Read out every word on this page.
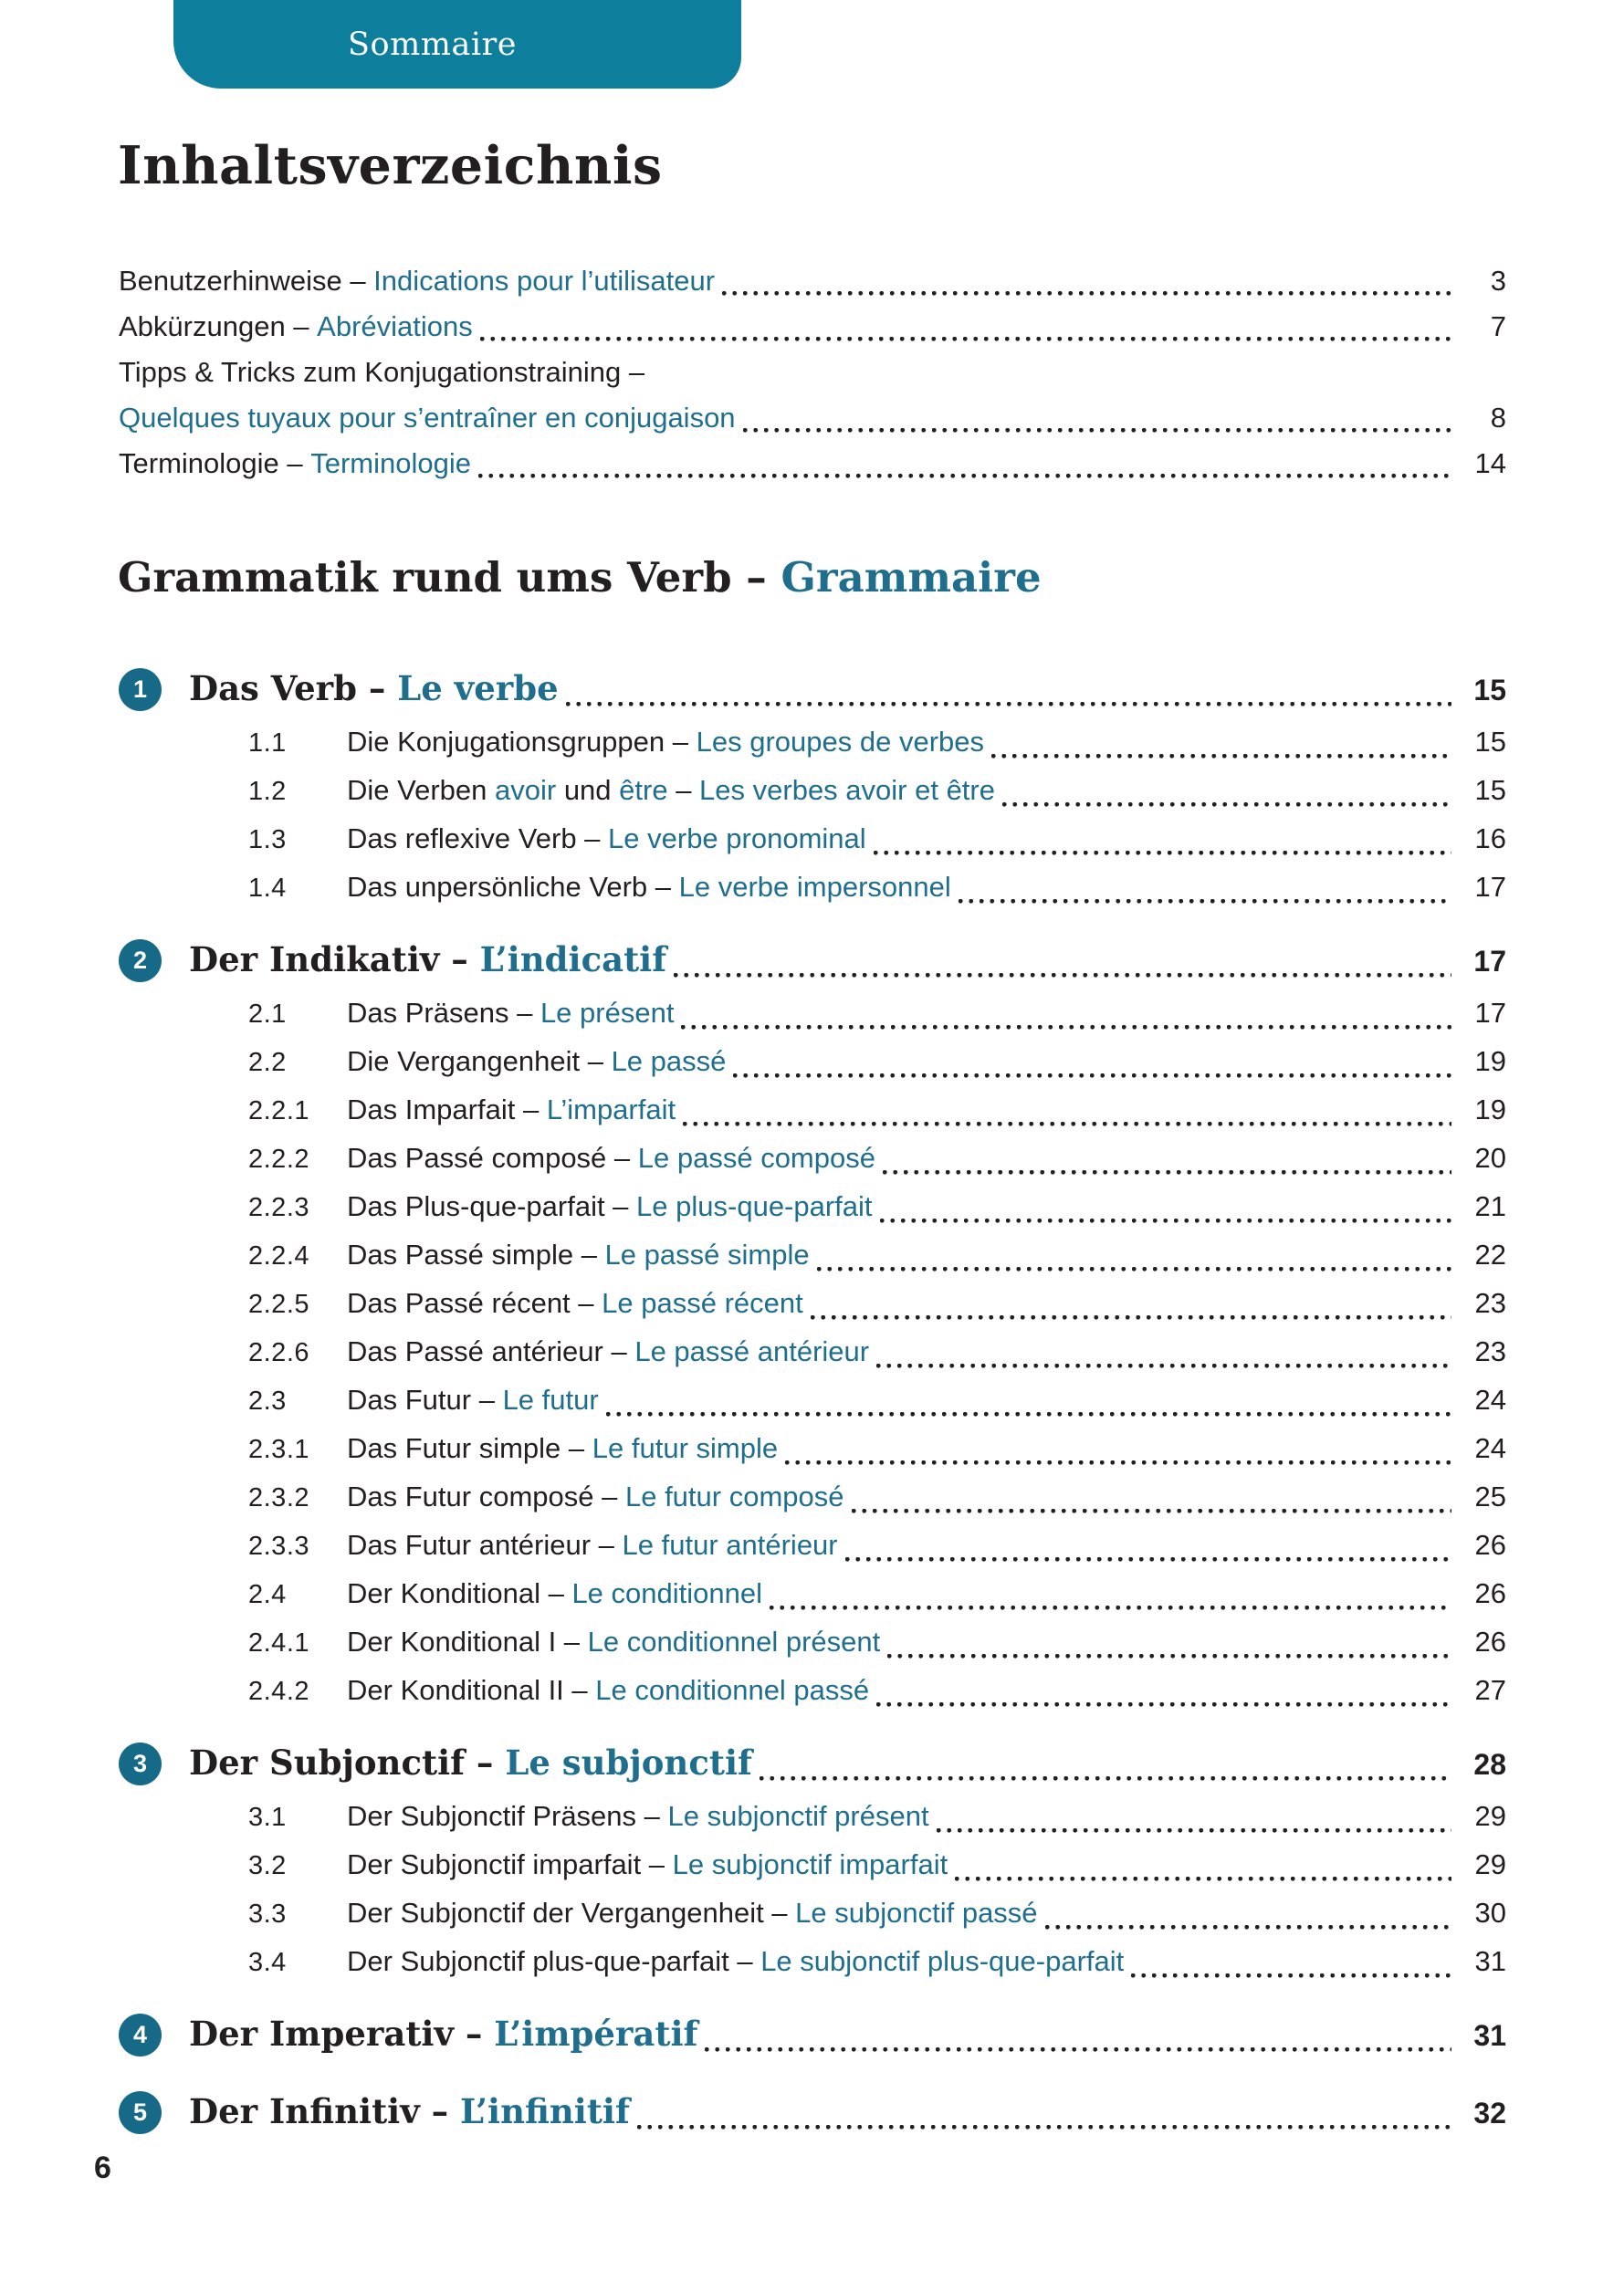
Sommaire
Inhaltsverzeichnis
Benutzerhinweise – Indications pour l’utilisateur	3
Abkürzungen – Abréviations	7
Tipps & Tricks zum Konjugationstraining –
Quelques tuyaux pour s’entraîner en conjugaison	8
Terminologie – Terminologie	14
Grammatik rund ums Verb – Grammaire
1	Das Verb – Le verbe	15
1.1	Die Konjugationsgruppen – Les groupes de verbes	15
1.2	Die Verben avoir und être – Les verbes avoir et être	15
1.3	Das reflexive Verb – Le verbe pronominal	16
1.4	Das unpersönliche Verb – Le verbe impersonnel	17
2	Der Indikativ – L’indicatif	17
2.1	Das Präsens – Le présent	17
2.2	Die Vergangenheit – Le passé	19
2.2.1	Das Imparfait – L’imparfait	19
2.2.2	Das Passé composé – Le passé composé	20
2.2.3	Das Plus-que-parfait – Le plus-que-parfait	21
2.2.4	Das Passé simple – Le passé simple	22
2.2.5	Das Passé récent – Le passé récent	23
2.2.6	Das Passé antérieur – Le passé antérieur	23
2.3	Das Futur – Le futur	24
2.3.1	Das Futur simple – Le futur simple	24
2.3.2	Das Futur composé – Le futur composé	25
2.3.3	Das Futur antérieur – Le futur antérieur	26
2.4	Der Konditional – Le conditionnel	26
2.4.1	Der Konditional I – Le conditionnel présent	26
2.4.2	Der Konditional II – Le conditionnel passé	27
3	Der Subjonctif – Le subjonctif	28
3.1	Der Subjonctif Präsens – Le subjonctif présent	29
3.2	Der Subjonctif imparfait – Le subjonctif imparfait	29
3.3	Der Subjonctif der Vergangenheit – Le subjonctif passé	30
3.4	Der Subjonctif plus-que-parfait – Le subjonctif plus-que-parfait	31
4	Der Imperativ – L’impératif	31
5	Der Infinitiv – L’infinitif	32
6
